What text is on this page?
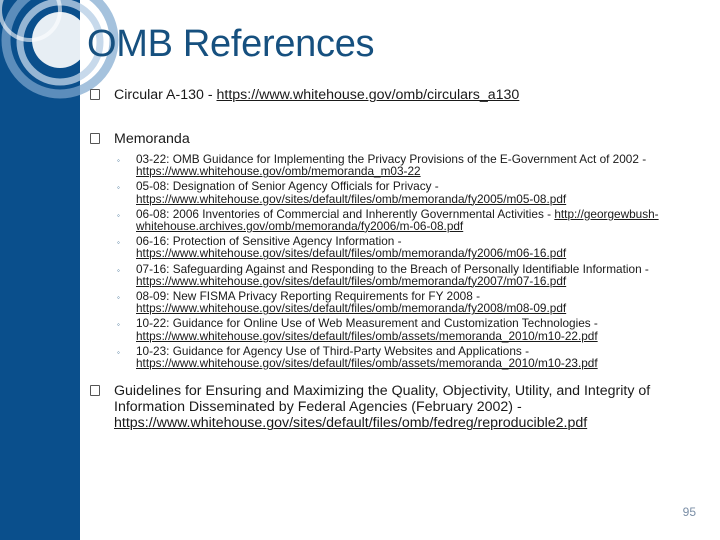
OMB References
Circular A-130 - https://www.whitehouse.gov/omb/circulars_a130
Memoranda
◦ 03-22: OMB Guidance for Implementing the Privacy Provisions of the E-Government Act of 2002 - https://www.whitehouse.gov/omb/memoranda_m03-22
◦ 05-08: Designation of Senior Agency Officials for Privacy - https://www.whitehouse.gov/sites/default/files/omb/memoranda/fy2005/m05-08.pdf
◦ 06-08: 2006 Inventories of Commercial and Inherently Governmental Activities - http://georgewbush-whitehouse.archives.gov/omb/memoranda/fy2006/m-06-08.pdf
◦ 06-16: Protection of Sensitive Agency Information - https://www.whitehouse.gov/sites/default/files/omb/memoranda/fy2006/m06-16.pdf
◦ 07-16: Safeguarding Against and Responding to the Breach of Personally Identifiable Information - https://www.whitehouse.gov/sites/default/files/omb/memoranda/fy2007/m07-16.pdf
◦ 08-09: New FISMA Privacy Reporting Requirements for FY 2008 - https://www.whitehouse.gov/sites/default/files/omb/memoranda/fy2008/m08-09.pdf
◦ 10-22: Guidance for Online Use of Web Measurement and Customization Technologies - https://www.whitehouse.gov/sites/default/files/omb/assets/memoranda_2010/m10-22.pdf
◦ 10-23: Guidance for Agency Use of Third-Party Websites and Applications - https://www.whitehouse.gov/sites/default/files/omb/assets/memoranda_2010/m10-23.pdf
Guidelines for Ensuring and Maximizing the Quality, Objectivity, Utility, and Integrity of Information Disseminated by Federal Agencies (February 2002) - https://www.whitehouse.gov/sites/default/files/omb/fedreg/reproducible2.pdf
95
